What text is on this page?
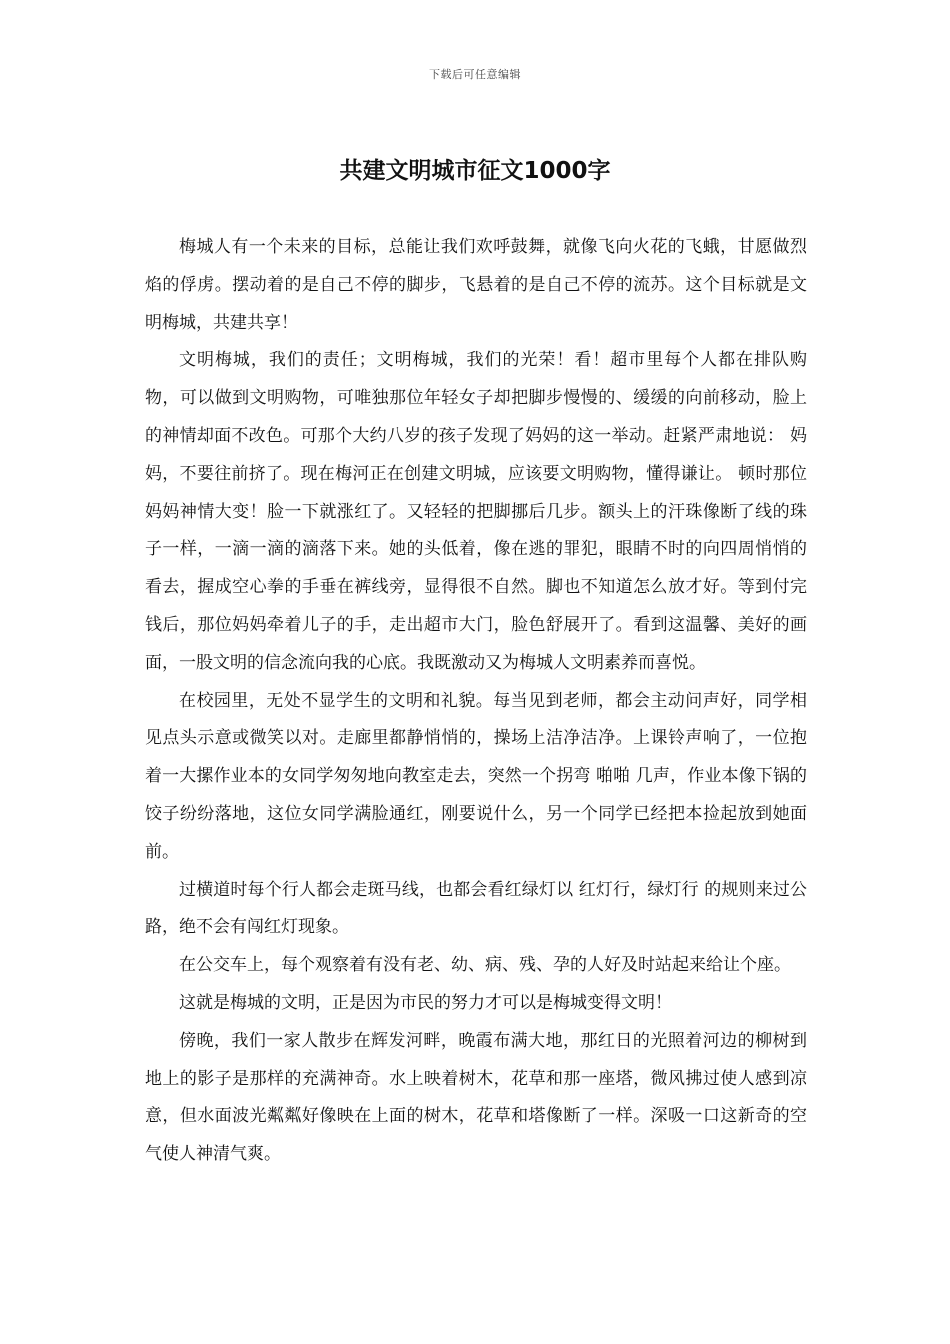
下载后可任意编辑
共建文明城市征文1000字

梅城人有一个未来的目标，总能让我们欢呼鼓舞，就像飞向火花的飞蛾，甘愿做烈焰的俘虏。摆动着的是自己不停的脚步，飞悬着的是自己不停的流苏。这个目标就是文明梅城，共建共享！

文明梅城，我们的责任；文明梅城，我们的光荣！看！超市里每个人都在排队购物，可以做到文明购物，可唯独那位年轻女子却把脚步慢慢的、缓缓的向前移动，脸上的神情却面不改色。可那个大约八岁的孩子发现了妈妈的这一举动。赶紧严肃地说： 妈妈，不要往前挤了。现在梅河正在创建文明城，应该要文明购物，懂得谦让。 顿时那位妈妈神情大变！脸一下就涨红了。又轻轻的把脚挪后几步。额头上的汗珠像断了线的珠子一样，一滴一滴的滴落下来。她的头低着，像在逃的罪犯，眼睛不时的向四周悄悄的看去，握成空心拳的手垂在裤线旁，显得很不自然。脚也不知道怎么放才好。等到付完钱后，那位妈妈牵着儿子的手，走出超市大门，脸色舒展开了。看到这温馨、美好的画面，一股文明的信念流向我的心底。我既激动又为梅城人文明素养而喜悦。

在校园里，无处不显学生的文明和礼貌。每当见到老师，都会主动问声好，同学相见点头示意或微笑以对。走廊里都静悄悄的，操场上洁净洁净。上课铃声响了，一位抱着一大摞作业本的女同学匆匆地向教室走去，突然一个拐弯 啪啪 几声，作业本像下锅的饺子纷纷落地，这位女同学满脸通红，刚要说什么，另一个同学已经把本捡起放到她面前。

过横道时每个行人都会走斑马线，也都会看红绿灯以 红灯行，绿灯行 的规则来过公路，绝不会有闯红灯现象。

在公交车上，每个观察着有没有老、幼、病、残、孕的人好及时站起来给让个座。

这就是梅城的文明，正是因为市民的努力才可以是梅城变得文明！

傍晚，我们一家人散步在辉发河畔，晚霞布满大地，那红日的光照着河边的柳树到地上的影子是那样的充满神奇。水上映着树木，花草和那一座塔，微风拂过使人感到凉意，但水面波光粼粼好像映在上面的树木，花草和塔像断了一样。深吸一口这新奇的空气使人神清气爽。
